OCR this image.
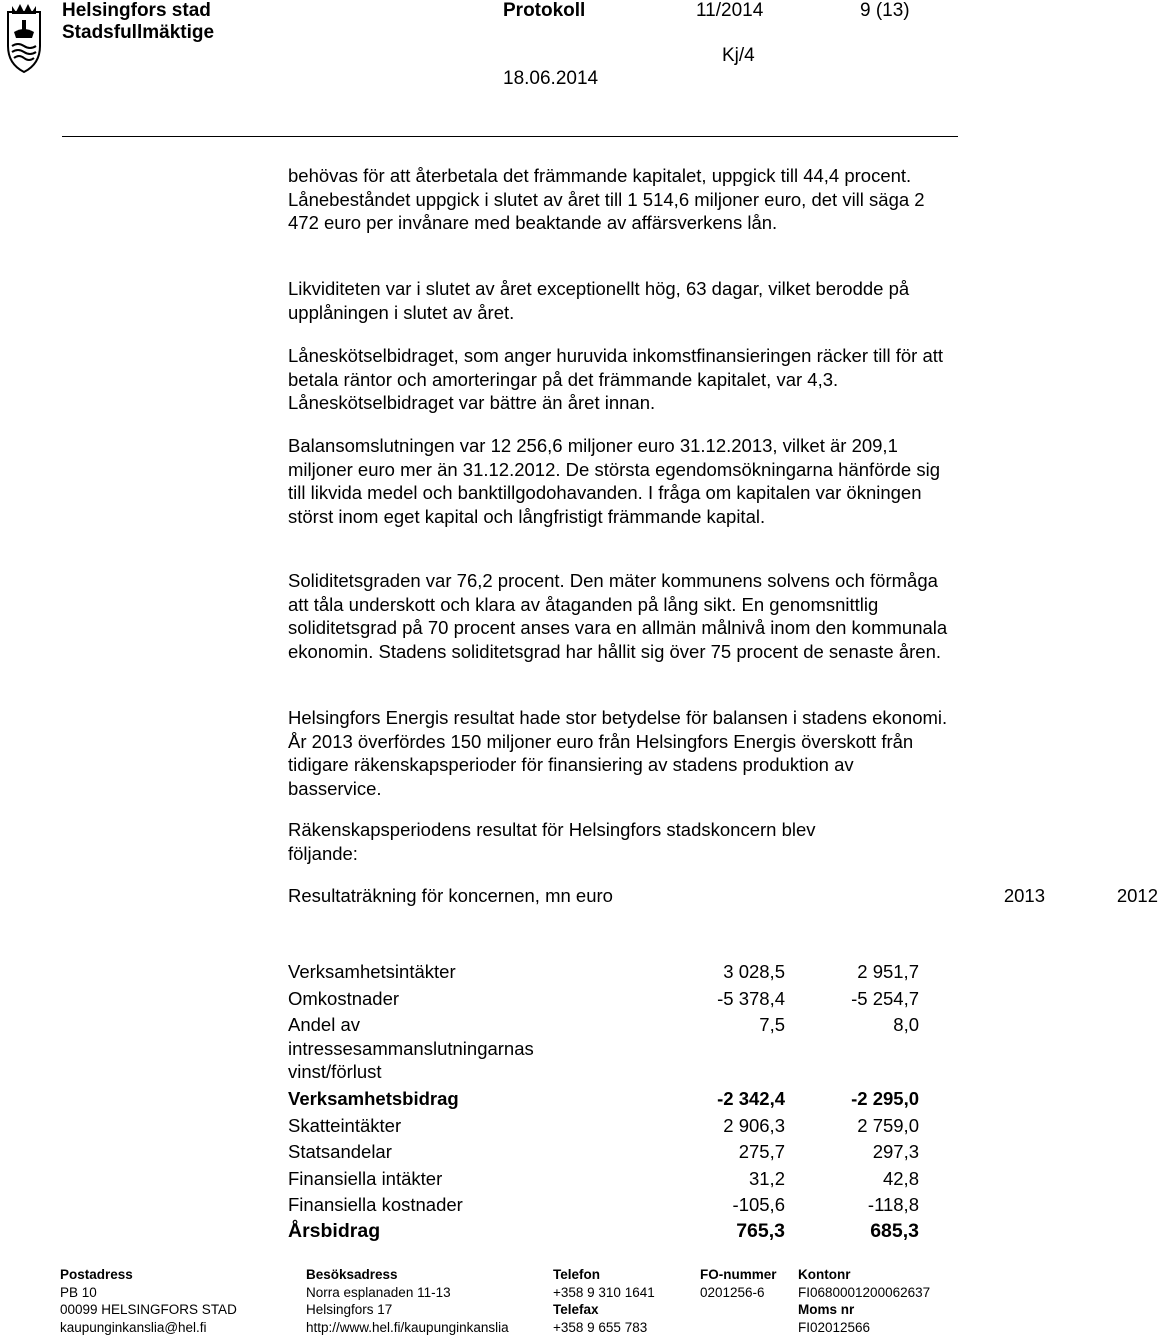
Helsingfors stad
Stadsfullmäktige
Protokoll	11/2014	9 (13)
Kj/4
18.06.2014

behövas för att återbetala det främmande kapitalet, uppgick till 44,4 procent. Lånebeståndet uppgick i slutet av året till 1 514,6 miljoner euro, det vill säga 2 472 euro per invånare med beaktande av affärsverkens lån.

Likviditeten var i slutet av året exceptionellt hög, 63 dagar, vilket berodde på upplåningen i slutet av året.

Låneskötselbidraget, som anger huruvida inkomstfinansieringen räcker till för att betala räntor och amorteringar på det främmande kapitalet, var 4,3. Låneskötselbidraget var bättre än året innan.

Balansomslutningen var 12 256,6 miljoner euro 31.12.2013, vilket är 209,1 miljoner euro mer än 31.12.2012. De största egendomsökningarna hänförde sig till likvida medel och banktillgodohavanden. I fråga om kapitalen var ökningen störst inom eget kapital och långfristigt främmande kapital.

Soliditetsgraden var 76,2 procent. Den mäter kommunens solvens och förmåga att tåla underskott och klara av åtaganden på lång sikt. En genomsnittlig soliditetsgrad på 70 procent anses vara en allmän målnivå inom den kommunala ekonomin. Stadens soliditetsgrad har hållit sig över 75 procent de senaste åren.

Helsingfors Energis resultat hade stor betydelse för balansen i stadens ekonomi. År 2013 överfördes 150 miljoner euro från Helsingfors Energis överskott från tidigare räkenskapsperioder för finansiering av stadens produktion av basservice.

Räkenskapsperiodens resultat för Helsingfors stadskoncern blev följande:

Resultaträkning för koncernen, mn euro	2013	2012
Verksamhetsintäkter	3 028,5	2 951,7
Omkostnader	-5 378,4	-5 254,7
Andel av intressesammanslutningarnas vinst/förlust
7,5	8,0
Verksamhetsbidrag	-2 342,4	-2 295,0
Skatteintäkter	2 906,3	2 759,0
Statsandelar	275,7	297,3
Finansiella intäkter	31,2	42,8
Finansiella kostnader	-105,6	-118,8
Årsbidrag	765,3	685,3
Postadress
PB 10
00099 HELSINGFORS STAD
kaupunginkanslia@hel.fi
Besöksadress
Norra esplanaden 11-13
Helsingfors 17
http://www.hel.fi/kaupunginkanslia
Telefon
+358 9 310 1641
Telefax
+358 9 655 783
FO-nummer
0201256-6
Kontonr
FI0680001200062637
Moms nr
FI02012566
